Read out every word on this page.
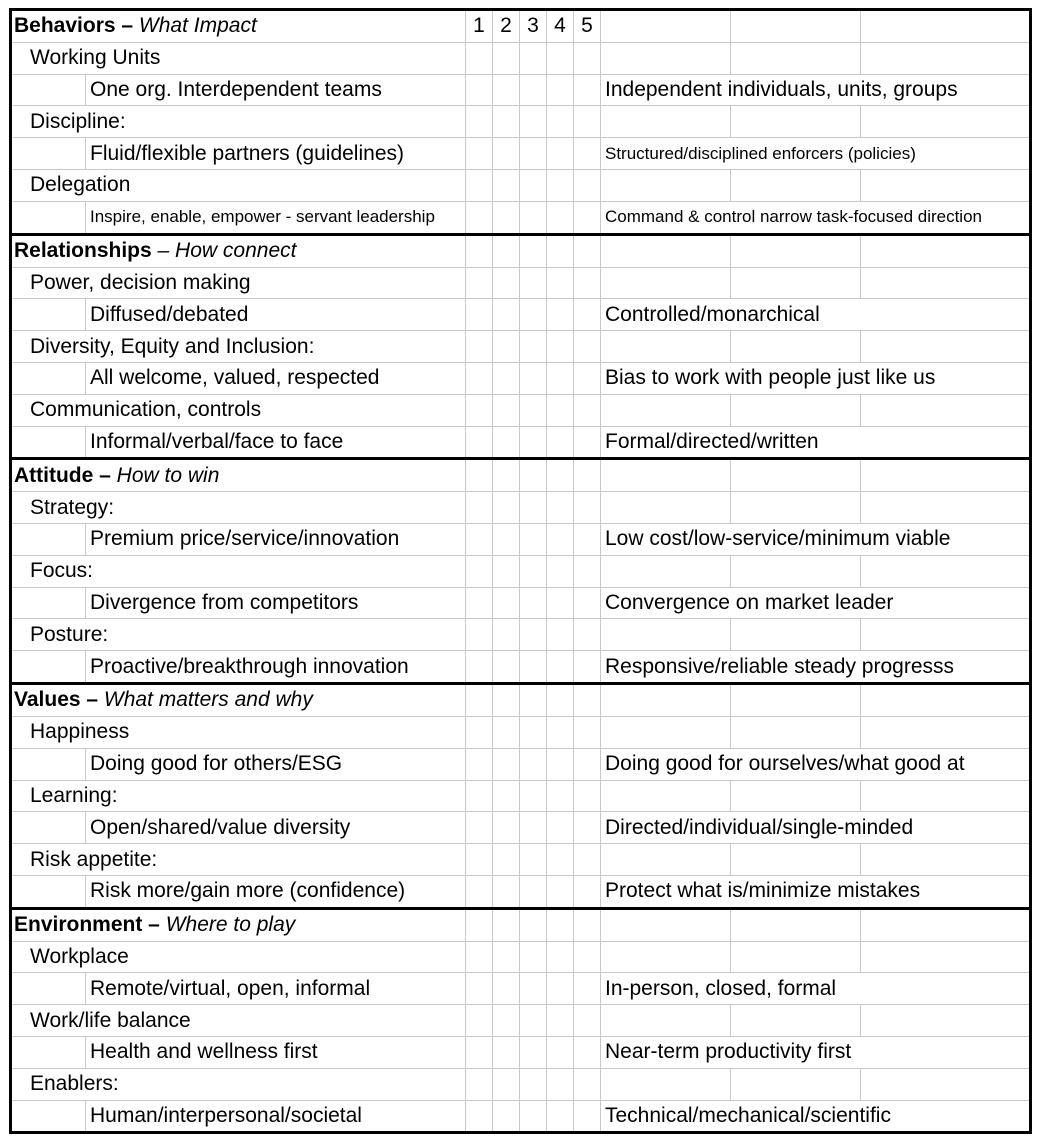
Behaviors – What Impact		1	2	3	4	5			
Working Units									
	One org. Interdependent teams						Independent individuals, units, groups		
Discipline:									
	Fluid/flexible partners (guidelines)						Structured/disciplined enforcers (policies)		
Delegation									
	Inspire, enable, empower - servant leadership						Command & control narrow task-focused direction		
Relationships – How connect									
Power, decision making									
	Diffused/debated						Controlled/monarchical		
Diversity, Equity and Inclusion:									
	All welcome, valued, respected						Bias to work with people just like us		
Communication, controls									
	Informal/verbal/face to face						Formal/directed/written		
Attitude – How to win									
Strategy:									
	Premium price/service/innovation						Low cost/low-service/minimum viable		
Focus:									
	Divergence from competitors						Convergence on market leader		
Posture:									
	Proactive/breakthrough innovation						Responsive/reliable steady progresss		
Values – What matters and why									
Happiness									
	Doing good for others/ESG						Doing good for ourselves/what good at		
Learning:									
	Open/shared/value diversity						Directed/individual/single-minded		
Risk appetite:									
	Risk more/gain more (confidence)						Protect what is/minimize mistakes		
Environment – Where to play									
Workplace									
	Remote/virtual, open, informal						In-person, closed, formal		
Work/life balance									
	Health and wellness first						Near-term productivity first		
Enablers:									
	Human/interpersonal/societal						Technical/mechanical/scientific		
